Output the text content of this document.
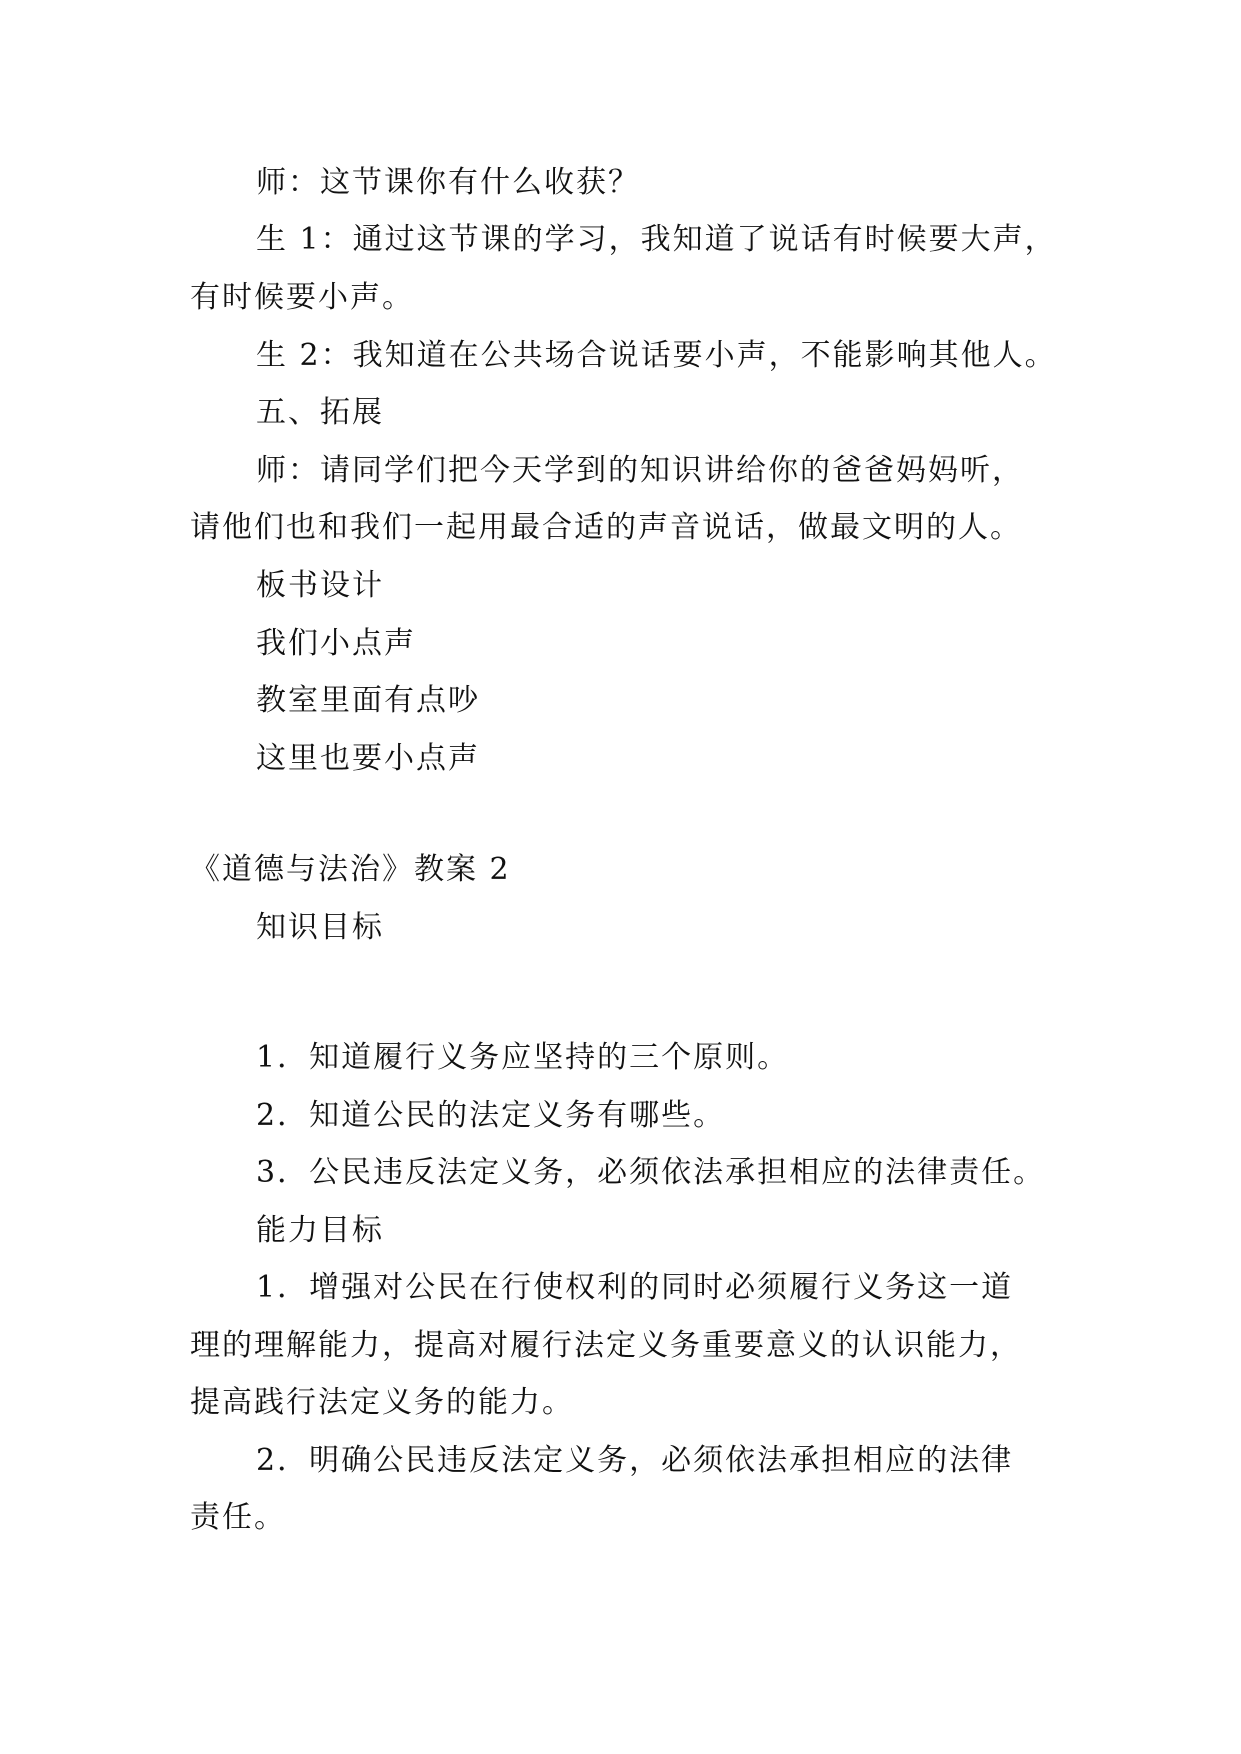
师：这节课你有什么收获？
生 1：通过这节课的学习，我知道了说话有时候要大声，
有时候要小声。
生 2：我知道在公共场合说话要小声，不能影响其他人。
五、拓展
师：请同学们把今天学到的知识讲给你的爸爸妈妈听，
请他们也和我们一起用最合适的声音说话，做最文明的人。
板书设计
我们小点声
教室里面有点吵
这里也要小点声
《道德与法治》教案 2
知识目标
1．知道履行义务应坚持的三个原则。
2．知道公民的法定义务有哪些。
3．公民违反法定义务，必须依法承担相应的法律责任。
能力目标
1．增强对公民在行使权利的同时必须履行义务这一道
理的理解能力，提高对履行法定义务重要意义的认识能力，
提高践行法定义务的能力。
2．明确公民违反法定义务，必须依法承担相应的法律
责任。
